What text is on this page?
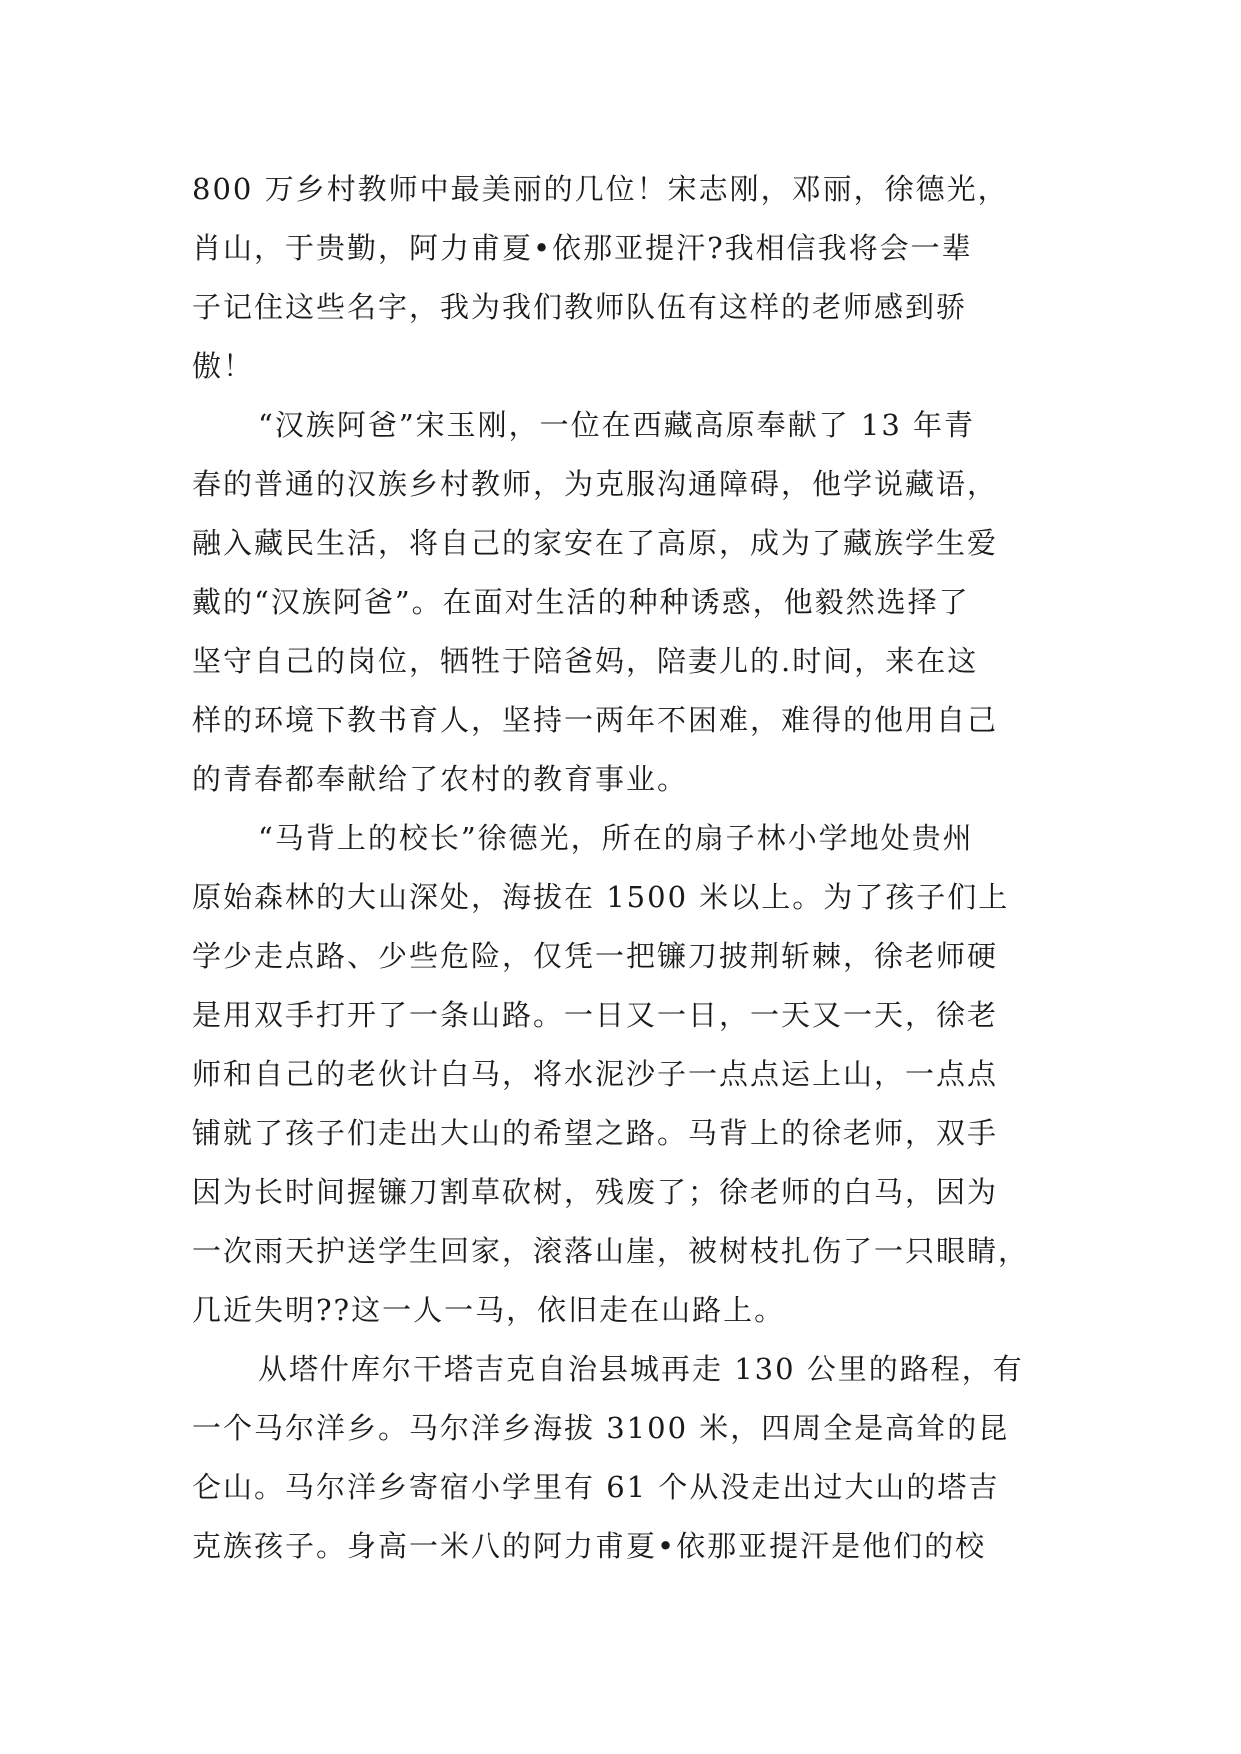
800 万乡村教师中最美丽的几位！宋志刚，邓丽，徐德光，
肖山，于贵勤，阿力甫夏•依那亚提汗?我相信我将会一辈
子记住这些名字，我为我们教师队伍有这样的老师感到骄
傲！
“汉族阿爸”宋玉刚，一位在西藏高原奉献了 13 年青
春的普通的汉族乡村教师，为克服沟通障碍，他学说藏语，
融入藏民生活，将自己的家安在了高原，成为了藏族学生爱
戴的“汉族阿爸”。在面对生活的种种诱惑，他毅然选择了
坚守自己的岗位，牺牲于陪爸妈，陪妻儿的.时间，来在这
样的环境下教书育人，坚持一两年不困难，难得的他用自己
的青春都奉献给了农村的教育事业。
“马背上的校长”徐德光，所在的扇子林小学地处贵州
原始森林的大山深处，海拔在 1500 米以上。为了孩子们上
学少走点路、少些危险，仅凭一把镰刀披荆斩棘，徐老师硬
是用双手打开了一条山路。一日又一日，一天又一天，徐老
师和自己的老伙计白马，将水泥沙子一点点运上山，一点点
铺就了孩子们走出大山的希望之路。马背上的徐老师，双手
因为长时间握镰刀割草砍树，残废了；徐老师的白马，因为
一次雨天护送学生回家，滚落山崖，被树枝扎伤了一只眼睛，
几近失明??这一人一马，依旧走在山路上。
从塔什库尔干塔吉克自治县城再走 130 公里的路程，有
一个马尔洋乡。马尔洋乡海拔 3100 米，四周全是高耸的昆
仑山。马尔洋乡寄宿小学里有 61 个从没走出过大山的塔吉
克族孩子。身高一米八的阿力甫夏•依那亚提汗是他们的校
